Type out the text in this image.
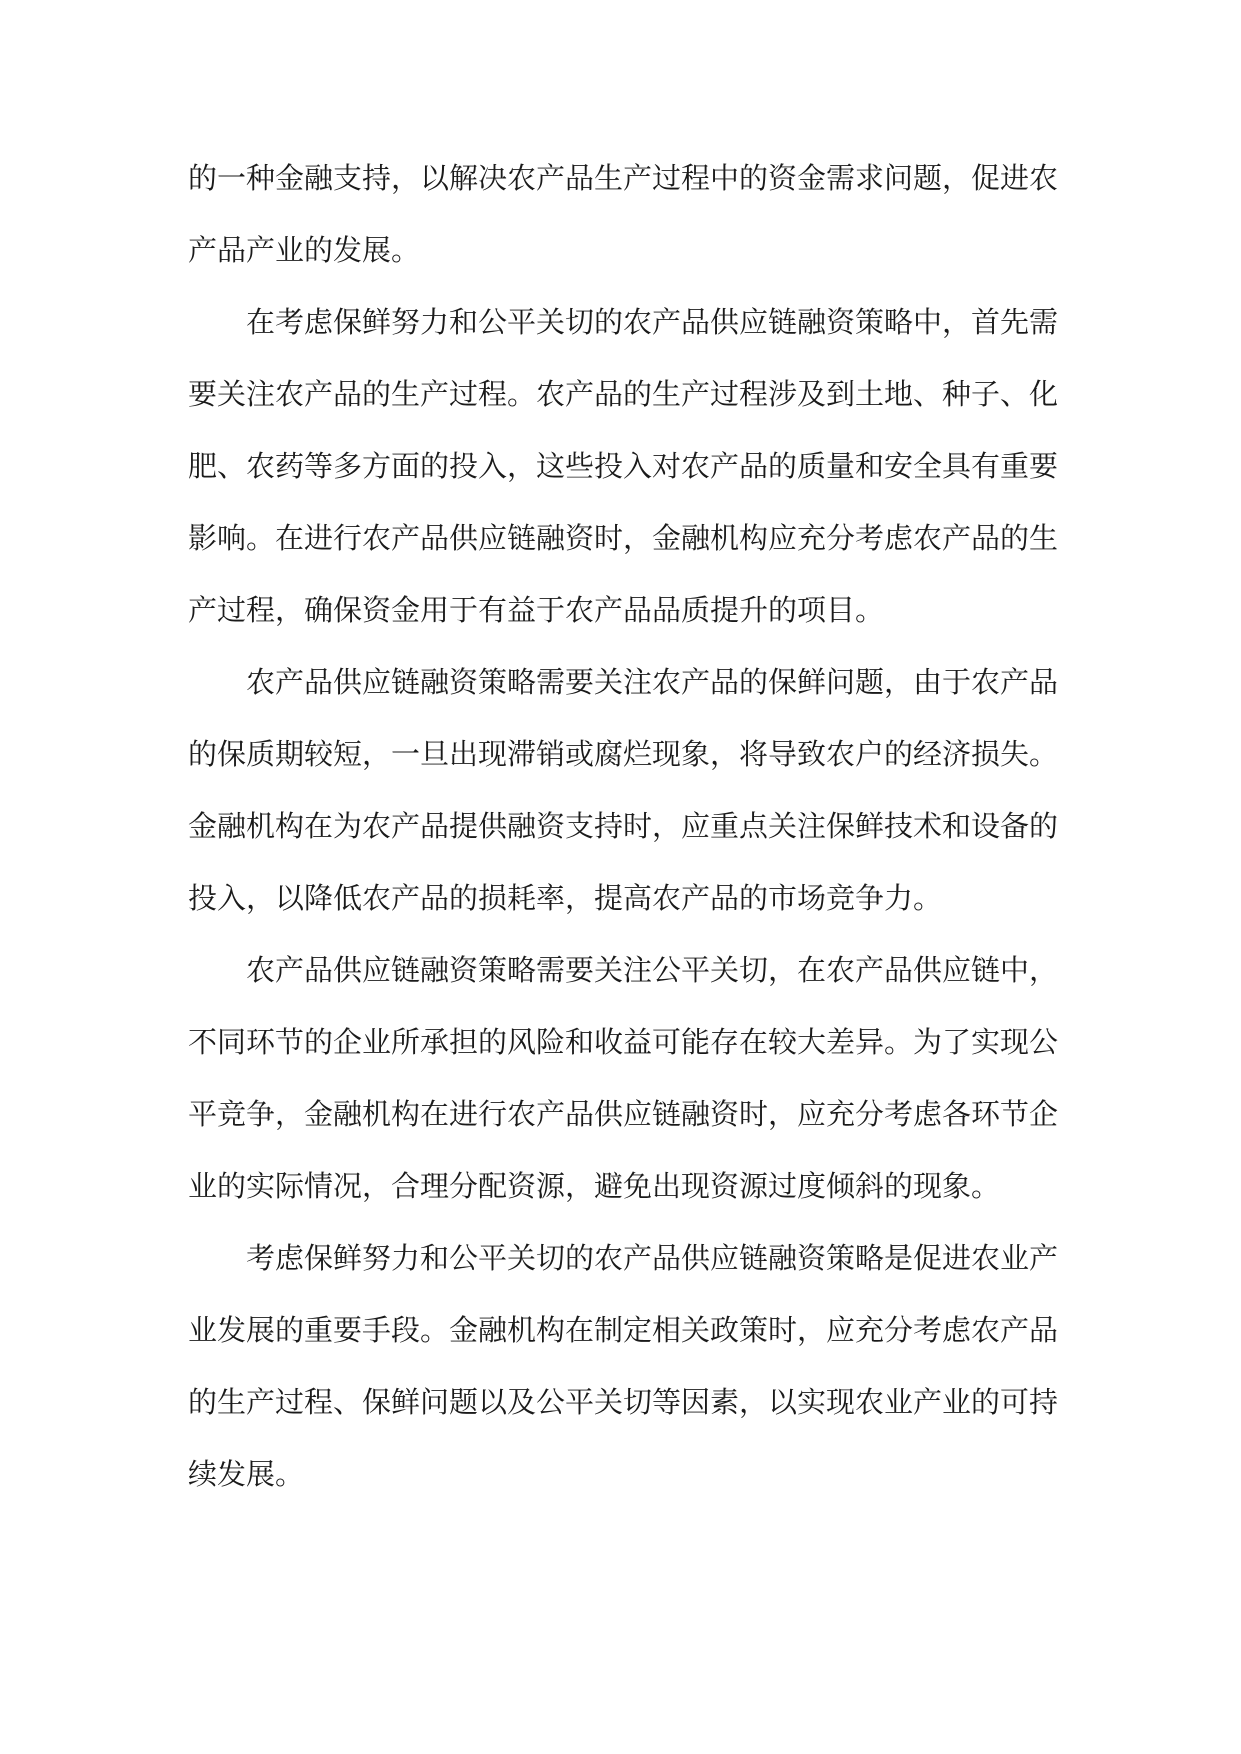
的一种金融支持，以解决农产品生产过程中的资金需求问题，促进农产品产业的发展。

在考虑保鲜努力和公平关切的农产品供应链融资策略中，首先需要关注农产品的生产过程。农产品的生产过程涉及到土地、种子、化肥、农药等多方面的投入，这些投入对农产品的质量和安全具有重要影响。在进行农产品供应链融资时，金融机构应充分考虑农产品的生产过程，确保资金用于有益于农产品品质提升的项目。

农产品供应链融资策略需要关注农产品的保鲜问题，由于农产品的保质期较短，一旦出现滞销或腐烂现象，将导致农户的经济损失。金融机构在为农产品提供融资支持时，应重点关注保鲜技术和设备的投入，以降低农产品的损耗率，提高农产品的市场竞争力。

农产品供应链融资策略需要关注公平关切，在农产品供应链中，不同环节的企业所承担的风险和收益可能存在较大差异。为了实现公平竞争，金融机构在进行农产品供应链融资时，应充分考虑各环节企业的实际情况，合理分配资源，避免出现资源过度倾斜的现象。

考虑保鲜努力和公平关切的农产品供应链融资策略是促进农业产业发展的重要手段。金融机构在制定相关政策时，应充分考虑农产品的生产过程、保鲜问题以及公平关切等因素，以实现农业产业的可持续发展。
